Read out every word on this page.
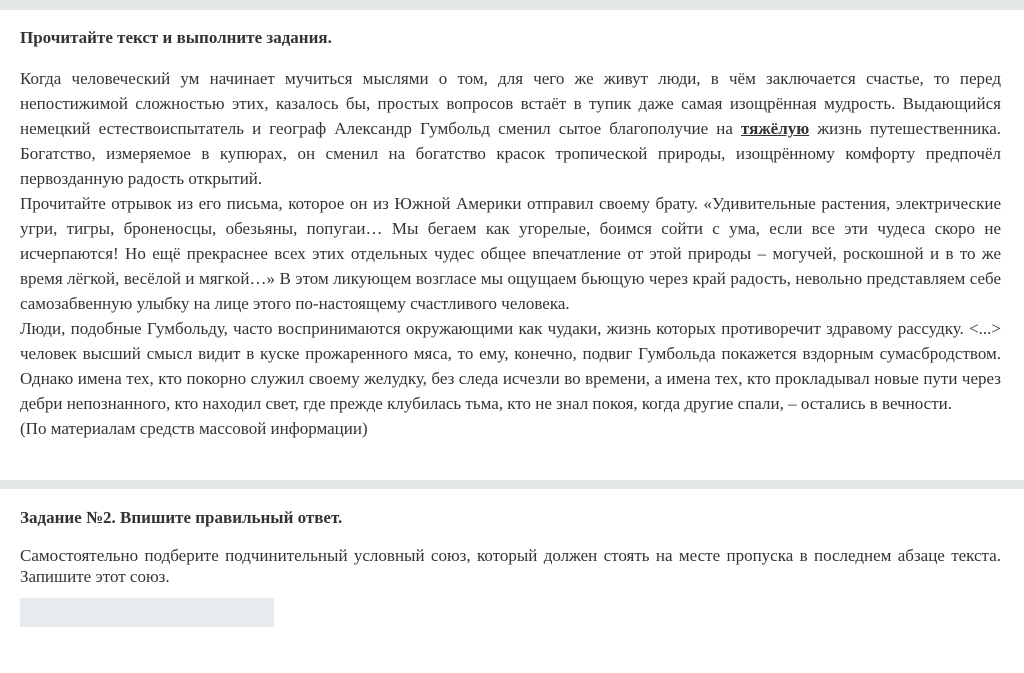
Прочитайте текст и выполните задания.

Когда человеческий ум начинает мучиться мыслями о том, для чего же живут люди, в чём заключается счастье, то перед непостижимой сложностью этих, казалось бы, простых вопросов встаёт в тупик даже самая изощрённая мудрость. Выдающийся немецкий естествоиспытатель и географ Александр Гумбольд сменил сытое благополучие на тяжёлую жизнь путешественника. Богатство, измеряемое в купюрах, он сменил на богатство красок тропической природы, изощрённому комфорту предпочёл первозданную радость открытий.

Прочитайте отрывок из его письма, которое он из Южной Америки отправил своему брату. «Удивительные растения, электрические угри, тигры, броненосцы, обезьяны, попугаи… Мы бегаем как угорелые, боимся сойти с ума, если все эти чудеса скоро не исчерпаются! Но ещё прекраснее всех этих отдельных чудес общее впечатление от этой природы – могучей, роскошной и в то же время лёгкой, весёлой и мягкой…» В этом ликующем возгласе мы ощущаем бьющую через край радость, невольно представляем себе самозабвенную улыбку на лице этого по-настоящему счастливого человека.

Люди, подобные Гумбольду, часто воспринимаются окружающими как чудаки, жизнь которых противоречит здравому рассудку. <...> человек высший смысл видит в куске прожаренного мяса, то ему, конечно, подвиг Гумбольда покажется вздорным сумасбродством. Однако имена тех, кто покорно служил своему желудку, без следа исчезли во времени, а имена тех, кто прокладывал новые пути через дебри непознанного, кто находил свет, где прежде клубилась тьма, кто не знал покоя, когда другие спали, – остались в вечности.

(По материалам средств массовой информации)

Задание №2. Впишите правильный ответ.

Самостоятельно подберите подчинительный условный союз, который должен стоять на месте пропуска в последнем абзаце текста. Запишите этот союз.
